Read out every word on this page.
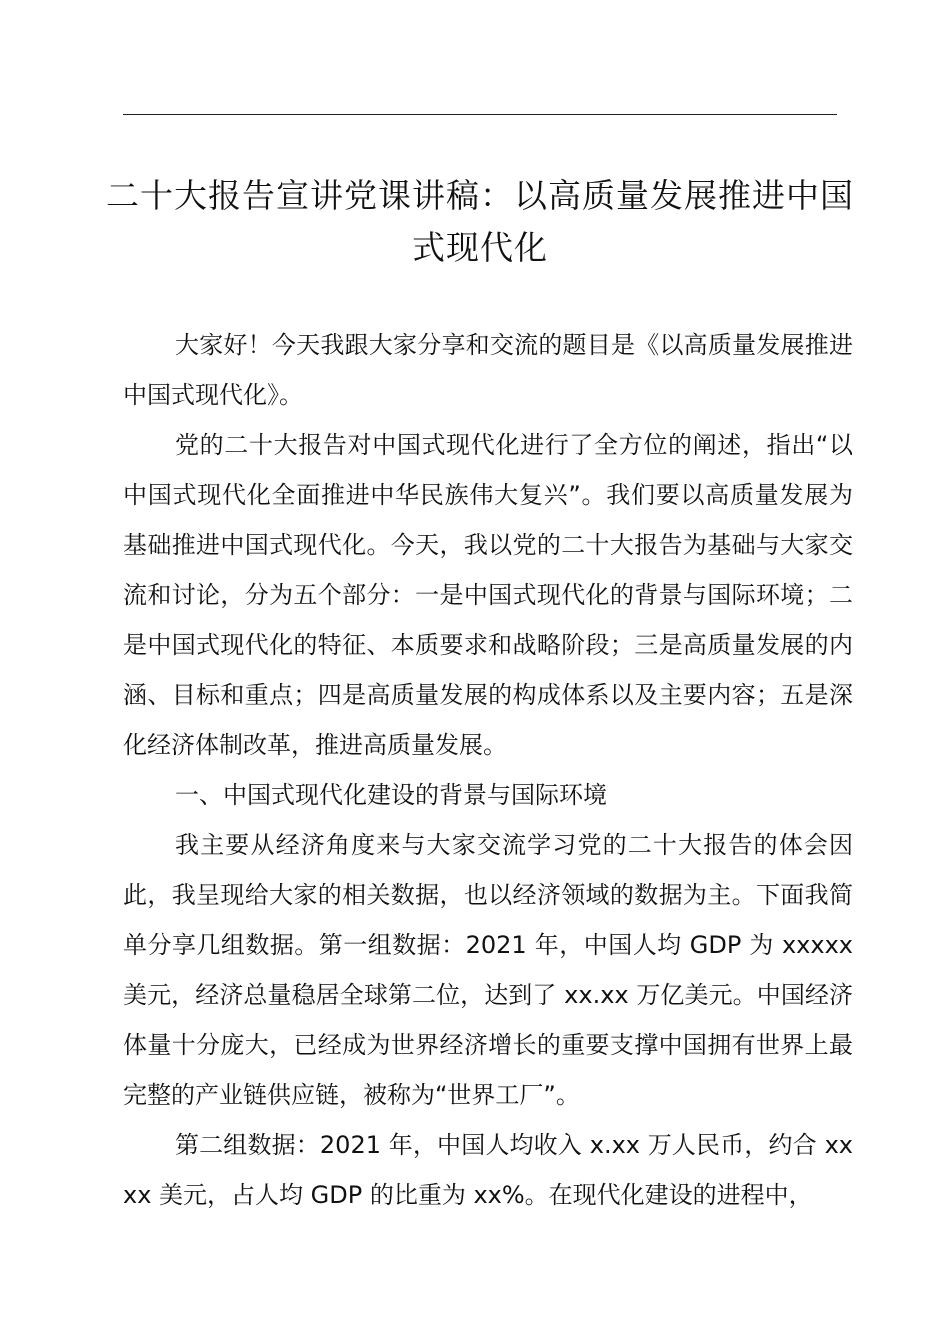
二十大报告宣讲党课讲稿：以高质量发展推进中国式现代化

大家好！今天我跟大家分享和交流的题目是《以高质量发展推进中国式现代化》。

党的二十大报告对中国式现代化进行了全方位的阐述，指出“以中国式现代化全面推进中华民族伟大复兴”。我们要以高质量发展为基础推进中国式现代化。今天，我以党的二十大报告为基础与大家交流和讨论，分为五个部分：一是中国式现代化的背景与国际环境；二是中国式现代化的特征、本质要求和战略阶段；三是高质量发展的内涵、目标和重点；四是高质量发展的构成体系以及主要内容；五是深化经济体制改革，推进高质量发展。

一、中国式现代化建设的背景与国际环境

我主要从经济角度来与大家交流学习党的二十大报告的体会因此，我呈现给大家的相关数据，也以经济领域的数据为主。下面我简单分享几组数据。第一组数据：2021 年，中国人均 GDP 为 xxxxx 美元，经济总量稳居全球第二位，达到了 xx.xx 万亿美元。中国经济体量十分庞大，已经成为世界经济增长的重要支撑中国拥有世界上最完整的产业链供应链，被称为“世界工厂”。

第二组数据：2021 年，中国人均收入 x.xx 万人民币，约合 xxxx 美元，占人均 GDP 的比重为 xx%。在现代化建设的进程中，
